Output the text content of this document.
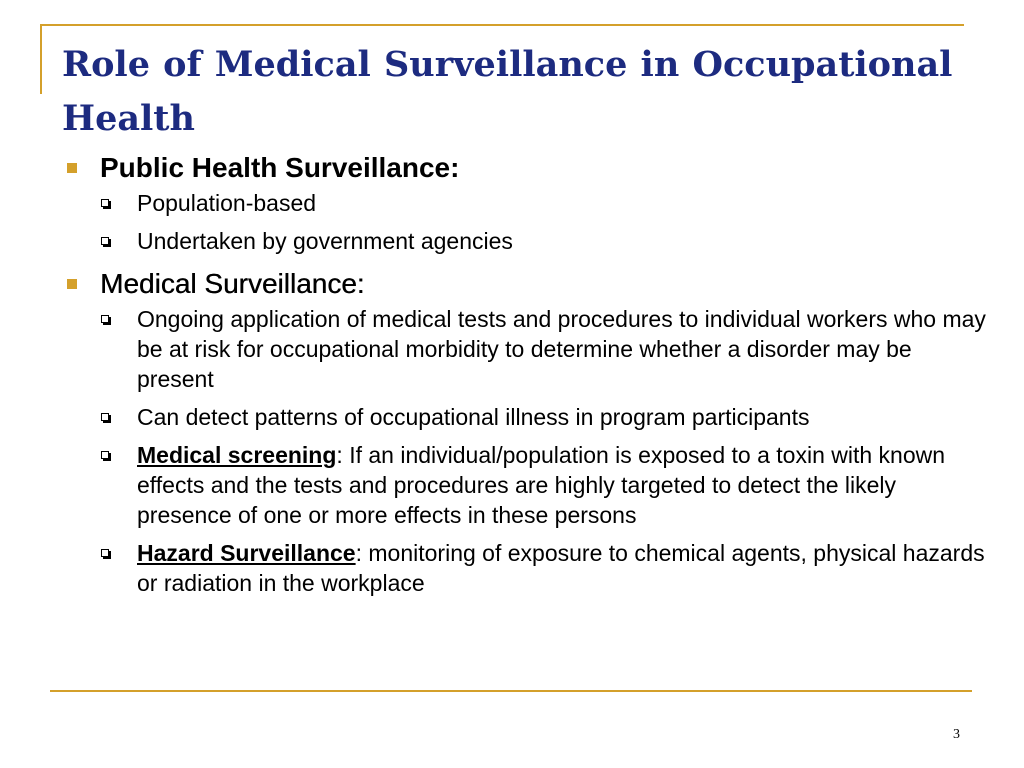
Role of Medical Surveillance in Occupational Health
Public Health Surveillance:
Population-based
Undertaken by government agencies
Medical Surveillance:
Ongoing application of medical tests and procedures to individual workers who may be at risk for occupational morbidity to determine whether a disorder may be present
Can detect patterns of occupational illness in program participants
Medical screening: If an individual/population is exposed to a toxin with known effects and the tests and procedures are highly targeted to detect the likely presence of one or more effects in these persons
Hazard Surveillance: monitoring of exposure to chemical agents, physical hazards or radiation in the workplace
3
